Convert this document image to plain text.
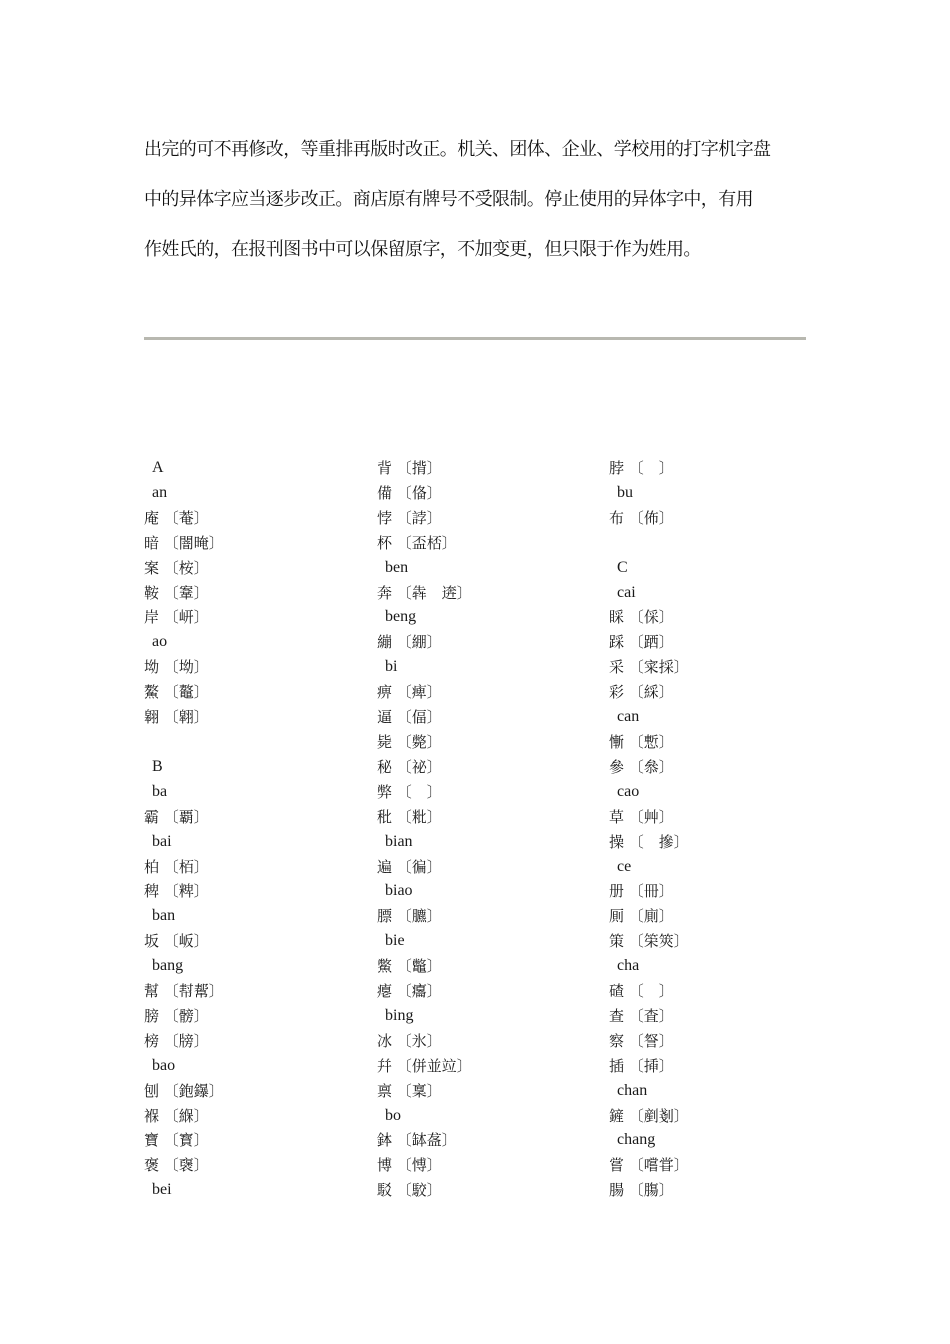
出完的可不再修改，等重排再版时改正。机关、团体、企业、学校用的打字机字盘
中的异体字应当逐步改正。商店原有牌号不受限制。停止使用的异体字中，有用
作姓氏的，在报刊图书中可以保留原字，不加变更，但只限于作为姓用。
A
an
庵 〔菴〕
暗 〔闇晻〕
案 〔桉〕
鞍 〔鞌〕
岸 〔岍〕
ao
坳 〔坳〕
鰲 〔鼇〕
翱 〔翶〕
B
ba
霸 〔覇〕
bai
柏 〔栢〕
稗 〔粺〕
ban
坂 〔岅〕
bang
幫 〔幇幚〕
膀 〔髈〕
榜 〔牓〕
bao
刨 〔鉋鑤〕
褓 〔緥〕
寶 〔寳〕
褒 〔襃〕
bei
背 〔揹〕
備 〔俻〕
悖 〔誖〕
杯 〔盃桮〕
ben
奔 〔犇　逩〕
beng
繃 〔綳〕
bi
痹 〔痺〕
逼 〔偪〕
毙 〔斃〕
秘 〔祕〕
弊 〔　〕
秕 〔粃〕
bian
遍 〔徧〕
biao
膘 〔臕〕
bie
鱉 〔鼈〕
瘪 〔癟〕
bing
冰 〔氷〕
幷 〔併並竝〕
禀 〔稟〕
bo
鉢 〔缽盋〕
博 〔愽〕
駁 〔駮〕
脖 〔　〕
bu
布 〔佈〕
C
cai
睬 〔倸〕
踩 〔跴〕
采 〔寀採〕
彩 〔綵〕
can
慚 〔慙〕
參 〔叅〕
cao
草 〔艸〕
操 〔　摻〕
ce
册 〔冊〕
厠 〔廁〕
策 〔筞筴〕
cha
碴 〔　〕
查 〔査〕
察 〔詧〕
插 〔揷〕
chan
鏟 〔剷剗〕
chang
嘗 〔嚐甞〕
腸 〔膓〕
